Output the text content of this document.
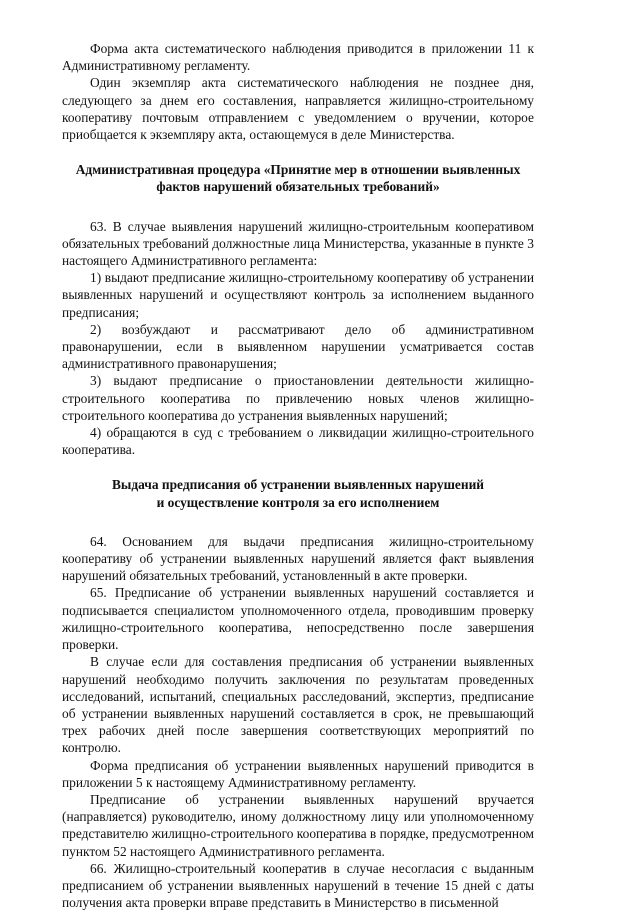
Форма акта систематического наблюдения приводится в приложении 11 к Административному регламенту.

Один экземпляр акта систематического наблюдения не позднее дня, следующего за днем его составления, направляется жилищно-строительному кооперативу почтовым отправлением с уведомлением о вручении, которое приобщается к экземпляру акта, остающемуся в деле Министерства.

Административная процедура «Принятие мер в отношении выявленных
фактов нарушений обязательных требований»

63. В случае выявления нарушений жилищно-строительным кооперативом обязательных требований должностные лица Министерства, указанные в пункте 3 настоящего Административного регламента:

1) выдают предписание жилищно-строительному кооперативу об устранении выявленных нарушений и осуществляют контроль за исполнением выданного предписания;

2) возбуждают и рассматривают дело об административном правонарушении, если в выявленном нарушении усматривается состав административного правонарушения;

3) выдают предписание о приостановлении деятельности жилищно-строительного кооператива по привлечению новых членов жилищно-строительного кооператива до устранения выявленных нарушений;

4) обращаются в суд с требованием о ликвидации жилищно-строительного кооператива.

Выдача предписания об устранении выявленных нарушений
и осуществление контроля за его исполнением

64. Основанием для выдачи предписания жилищно-строительному кооперативу об устранении выявленных нарушений является факт выявления нарушений обязательных требований, установленный в акте проверки.

65. Предписание об устранении выявленных нарушений составляется и подписывается специалистом уполномоченного отдела, проводившим проверку жилищно-строительного кооператива, непосредственно после завершения проверки.

В случае если для составления предписания об устранении выявленных нарушений необходимо получить заключения по результатам проведенных исследований, испытаний, специальных расследований, экспертиз, предписание об устранении выявленных нарушений составляется в срок, не превышающий трех рабочих дней после завершения соответствующих мероприятий по контролю.

Форма предписания об устранении выявленных нарушений приводится в приложении 5 к настоящему Административному регламенту.

Предписание об устранении выявленных нарушений вручается (направляется) руководителю, иному должностному лицу или уполномоченному представителю жилищно-строительного кооператива в порядке, предусмотренном пунктом 52 настоящего Административного регламента.

66. Жилищно-строительный кооператив в случае несогласия с выданным предписанием об устранении выявленных нарушений в течение 15 дней с даты получения акта проверки вправе представить в Министерство в письменной
